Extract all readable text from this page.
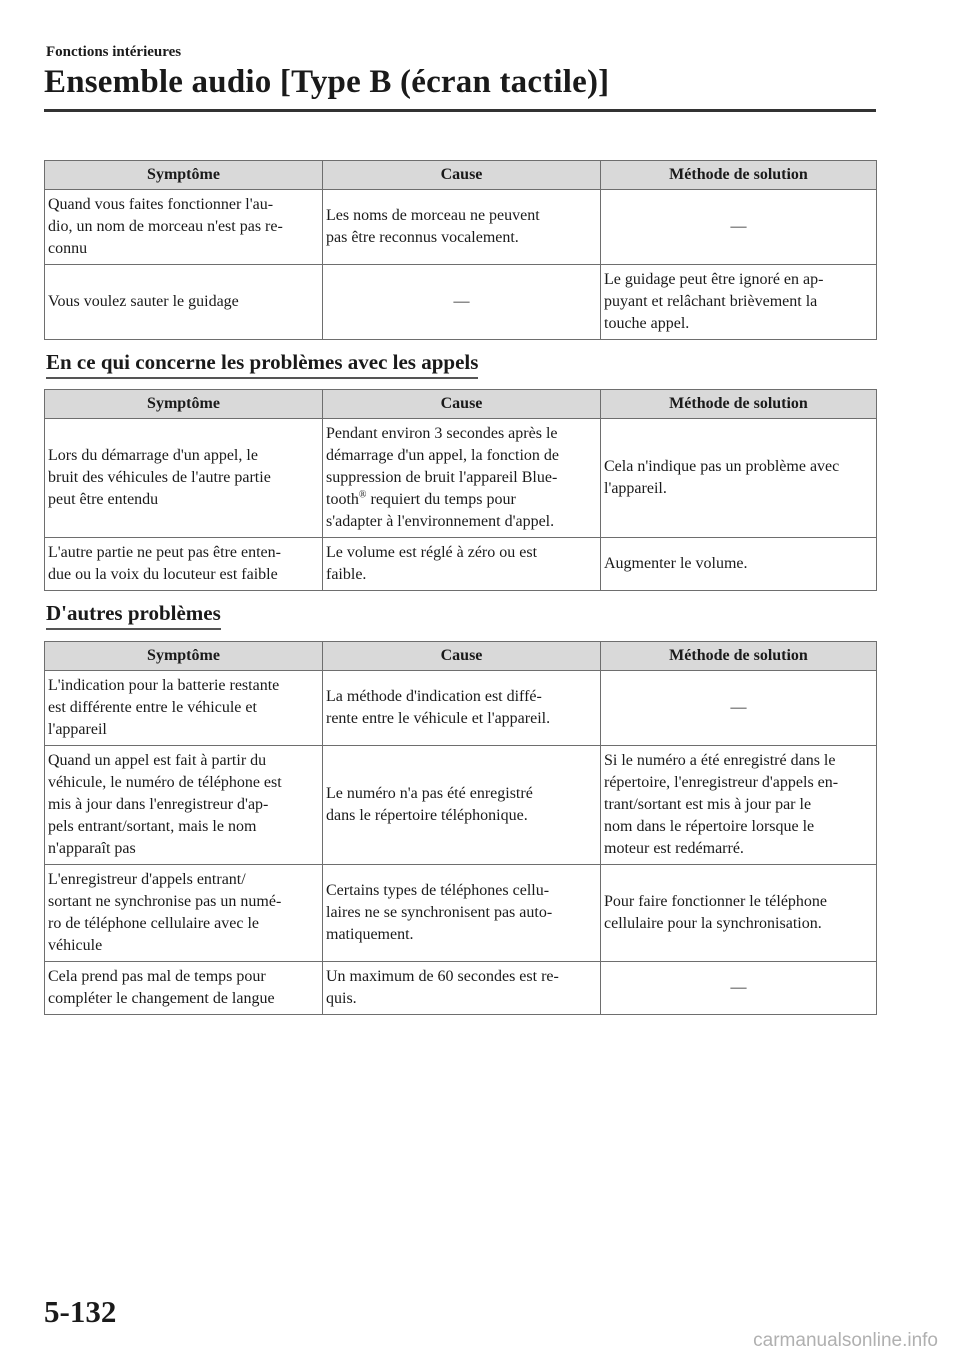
Fonctions intérieures
Ensemble audio [Type B (écran tactile)]
Symptôme	Cause	Méthode de solution
Quand vous faites fonctionner l'au-
dio, un nom de morceau n'est pas re-
connu	Les noms de morceau ne peuvent
pas être reconnus vocalement.	―
Vous voulez sauter le guidage	―	Le guidage peut être ignoré en ap-
puyant et relâchant brièvement la
touche appel.
En ce qui concerne les problèmes avec les appels
Symptôme	Cause	Méthode de solution
Lors du démarrage d'un appel, le
bruit des véhicules de l'autre partie
peut être entendu	Pendant environ 3 secondes après le
démarrage d'un appel, la fonction de
suppression de bruit l'appareil Blue-
tooth® requiert du temps pour
s'adapter à l'environnement d'appel.	Cela n'indique pas un problème avec
l'appareil.
L'autre partie ne peut pas être enten-
due ou la voix du locuteur est faible	Le volume est réglé à zéro ou est
faible.	Augmenter le volume.
D'autres problèmes
Symptôme	Cause	Méthode de solution
L'indication pour la batterie restante
est différente entre le véhicule et
l'appareil	La méthode d'indication est diffé-
rente entre le véhicule et l'appareil.	―
Quand un appel est fait à partir du
véhicule, le numéro de téléphone est
mis à jour dans l'enregistreur d'ap-
pels entrant/sortant, mais le nom
n'apparaît pas	Le numéro n'a pas été enregistré
dans le répertoire téléphonique.	Si le numéro a été enregistré dans le
répertoire, l'enregistreur d'appels en-
trant/sortant est mis à jour par le
nom dans le répertoire lorsque le
moteur est redémarré.
L'enregistreur d'appels entrant/
sortant ne synchronise pas un numé-
ro de téléphone cellulaire avec le
véhicule	Certains types de téléphones cellu-
laires ne se synchronisent pas auto-
matiquement.	Pour faire fonctionner le téléphone
cellulaire pour la synchronisation.
Cela prend pas mal de temps pour
compléter le changement de langue	Un maximum de 60 secondes est re-
quis.	―
5-132
carmanualsonline.info
